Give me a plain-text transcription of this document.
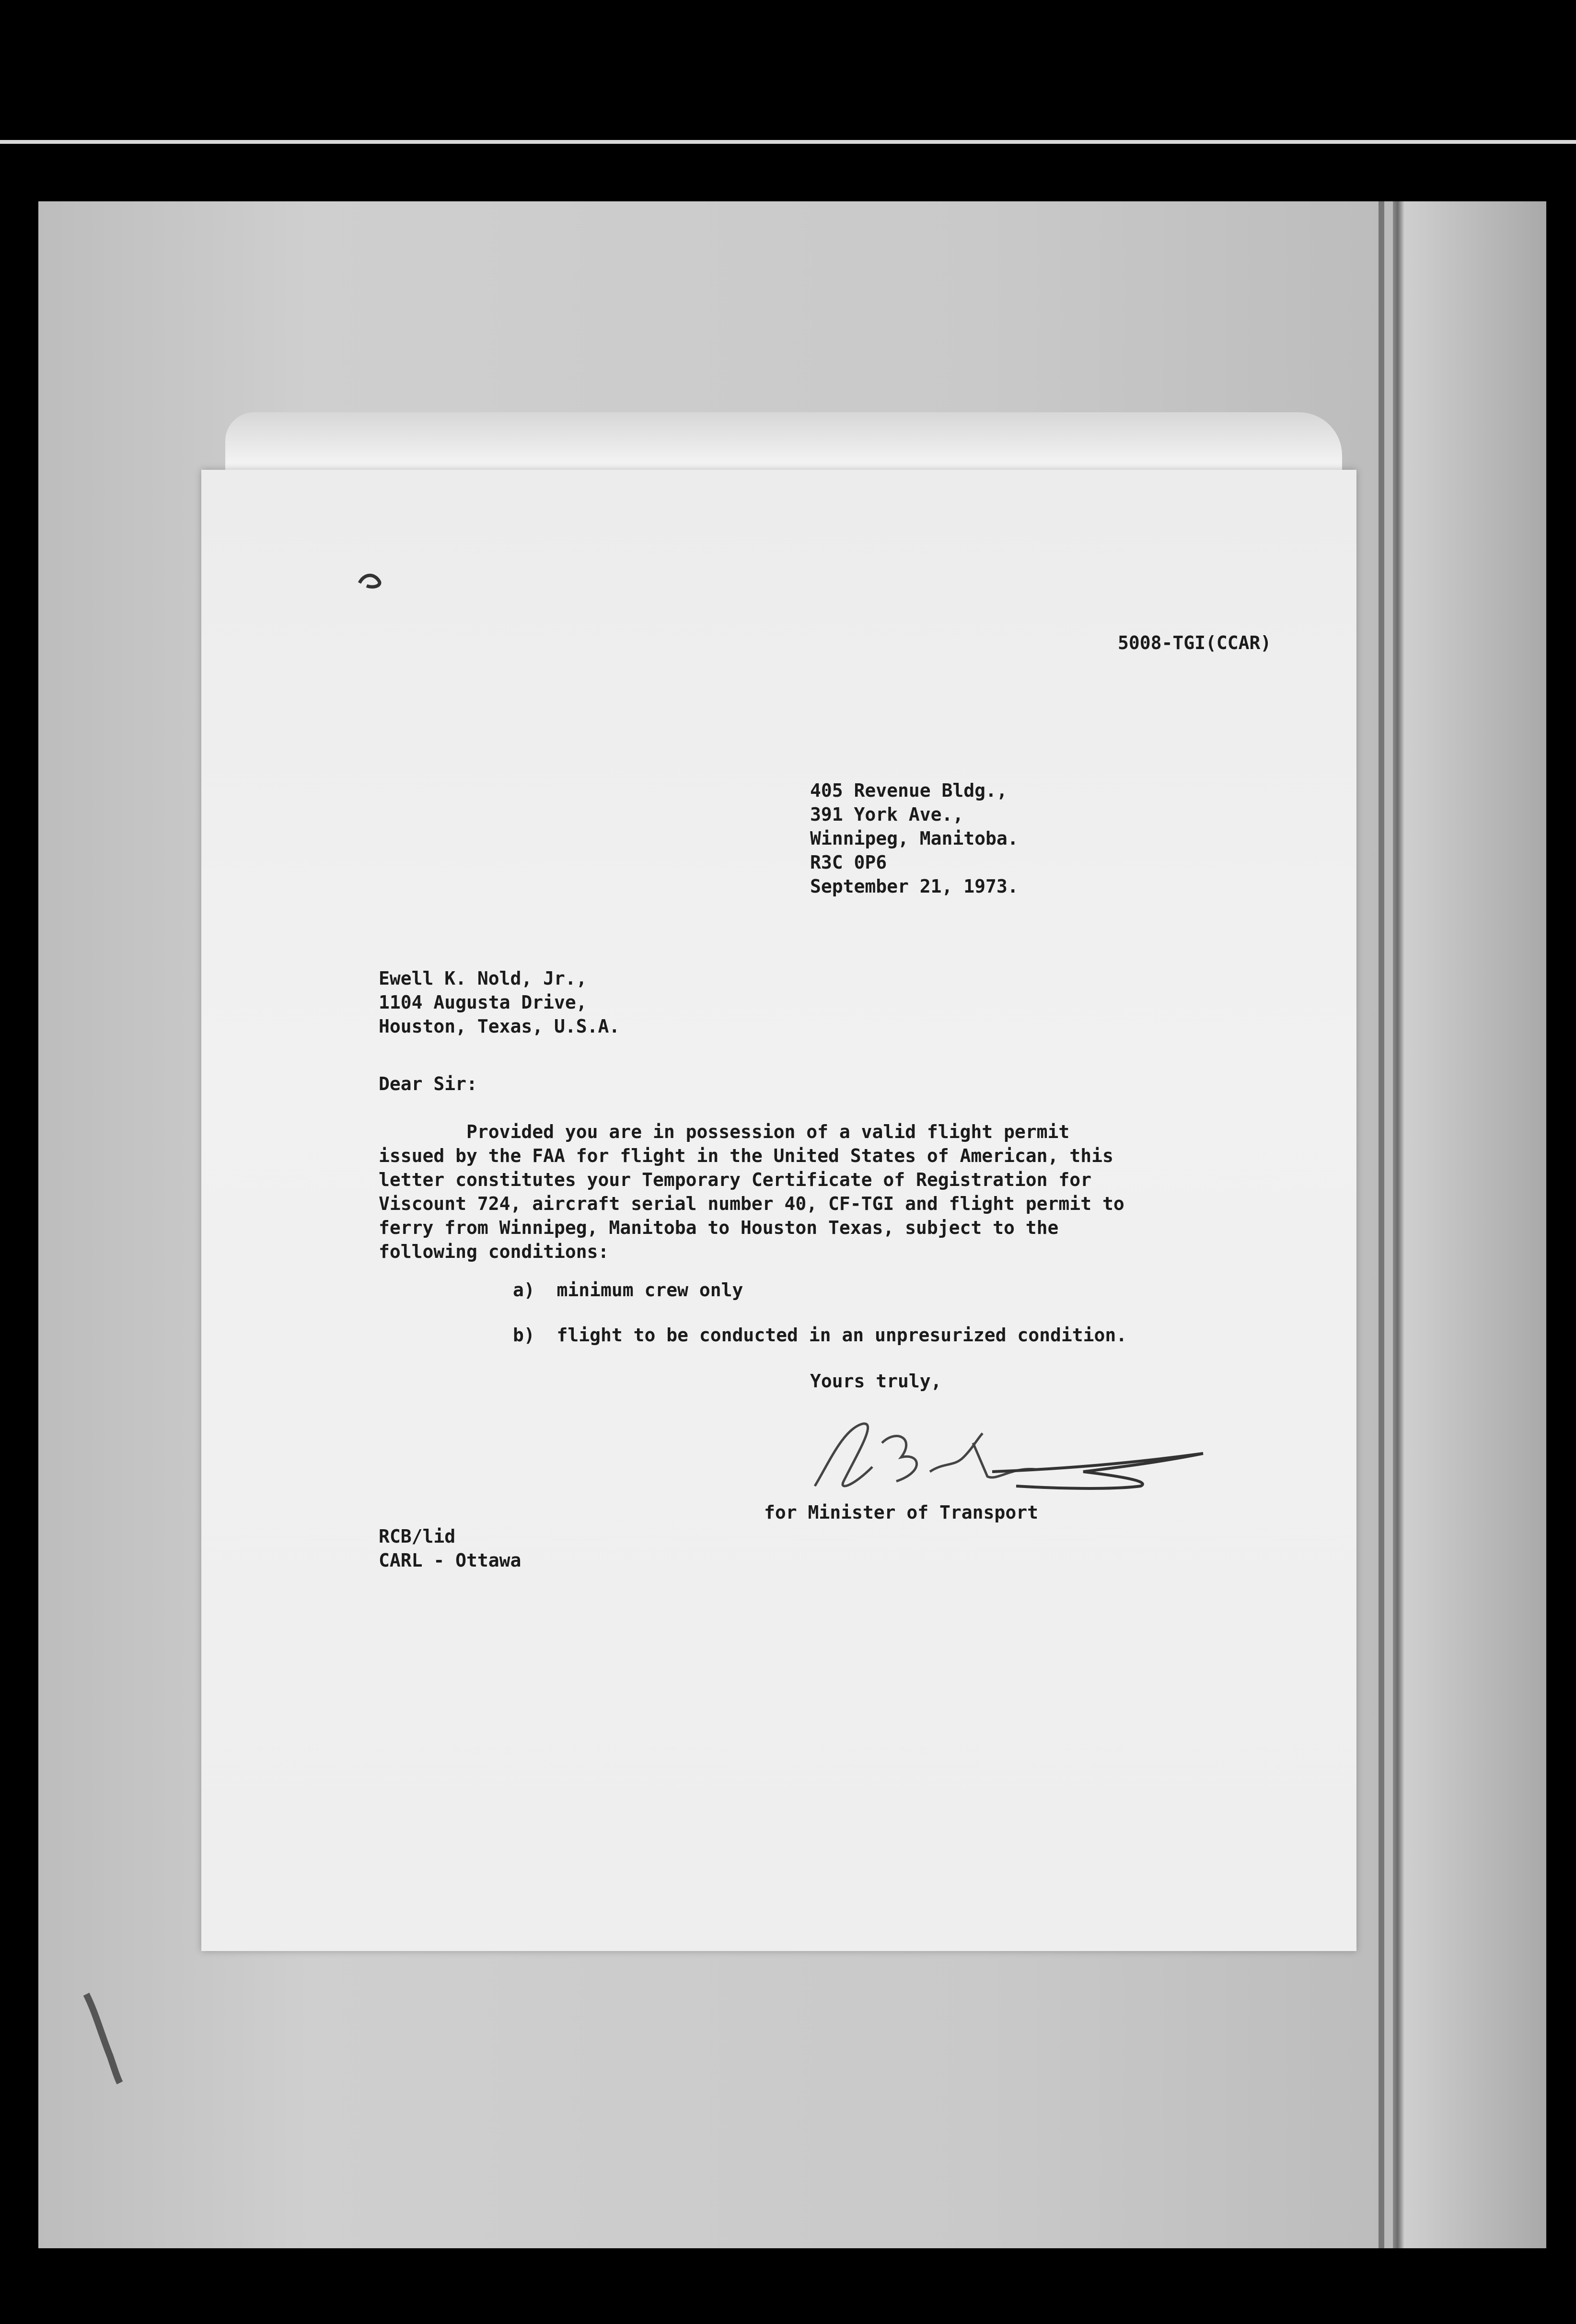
5008-TGI(CCAR)
405 Revenue Bldg.,
391 York Ave.,
Winnipeg, Manitoba.
R3C 0P6
September 21, 1973.
Ewell K. Nold, Jr.,
1104 Augusta Drive,
Houston, Texas, U.S.A.
Dear Sir:
Provided you are in possession of a valid flight permit
issued by the FAA for flight in the United States of American, this
letter constitutes your Temporary Certificate of Registration for
Viscount 724, aircraft serial number 40, CF-TGI and flight permit to
ferry from Winnipeg, Manitoba to Houston Texas, subject to the
following conditions:
a)  minimum crew only
b)  flight to be conducted in an unpresurized condition.
Yours truly,
for Minister of Transport
RCB/lid
CARL - Ottawa
